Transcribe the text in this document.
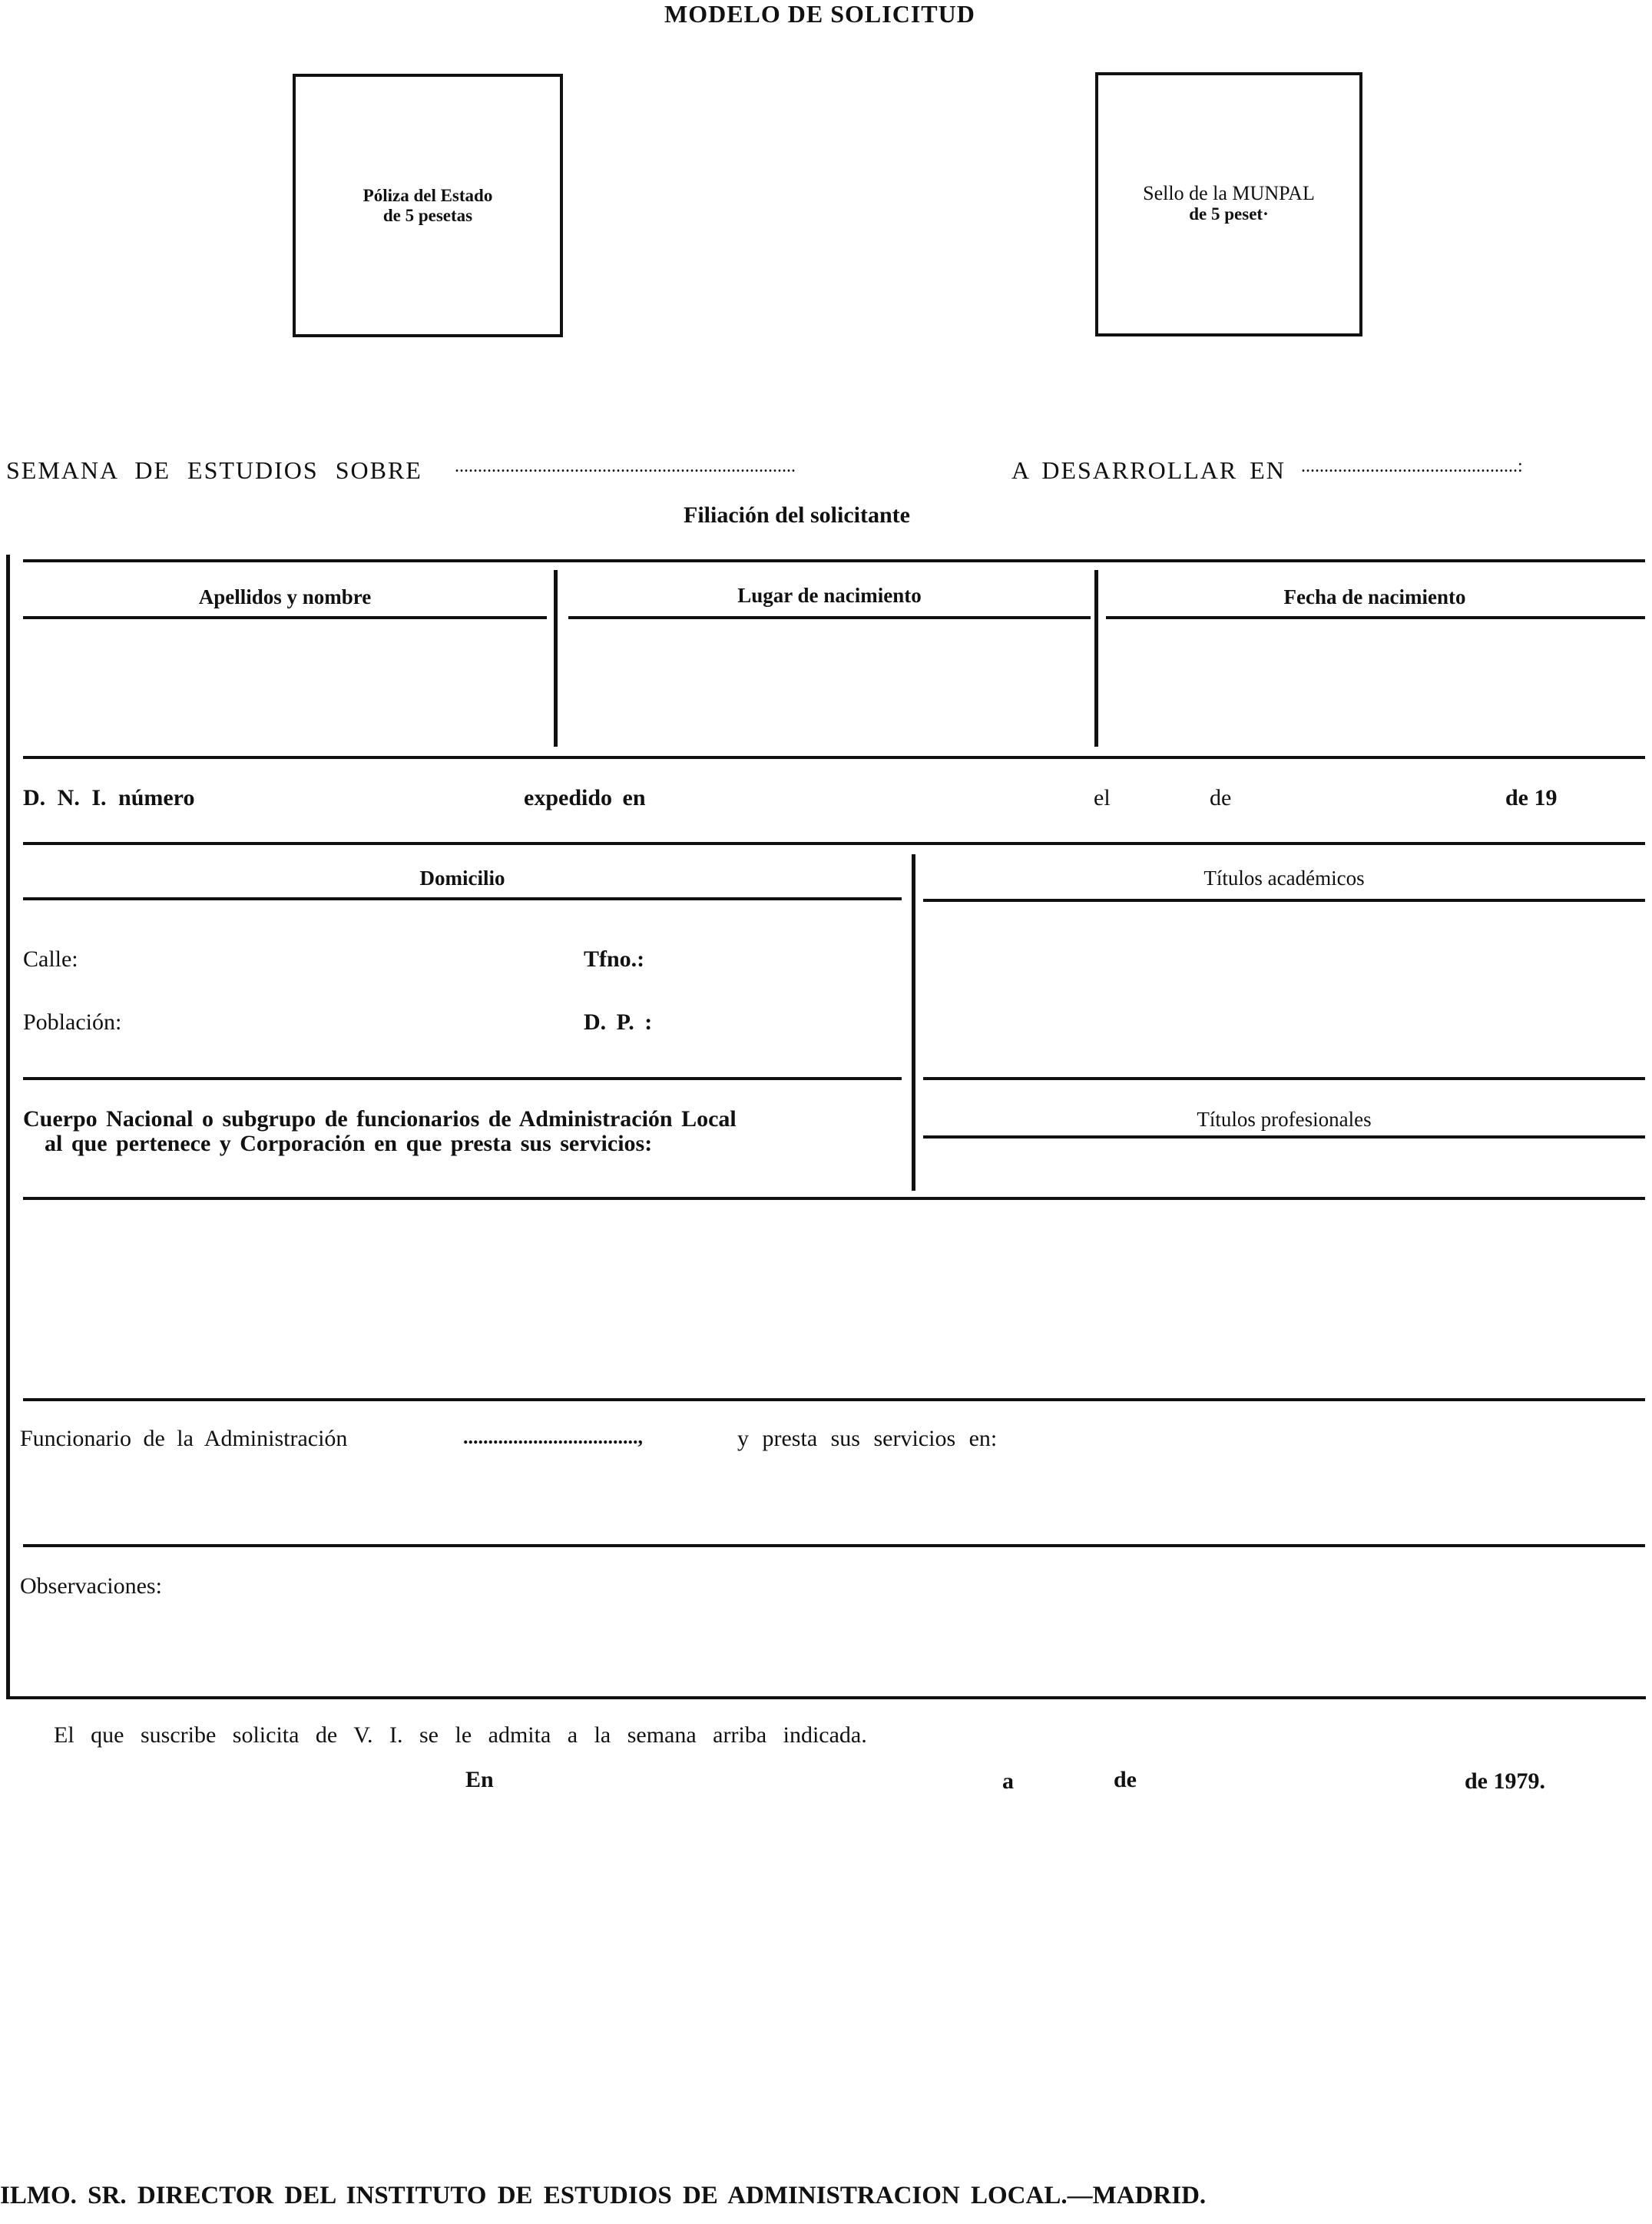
MODELO DE SOLICITUD
Póliza del Estado
de 5 pesetas
Sello de la MUNPAL
de 5 peset·
SEMANA DE ESTUDIOS SOBRE ..........................................................................	A DESARROLLAR EN ...............................................:
Filiación del solicitante
Apellidos y nombre	Lugar de nacimiento	Fecha de nacimiento
D. N. I. número	expedido en	el	de	de 19
Domicilio	Títulos académicos
Calle:	Tfno.:
Población:	D. P. :
Cuerpo Nacional o subgrupo de funcionarios de Administración Local
al que pertenece y Corporación en que presta sus servicios:
Títulos profesionales
Funcionario de la Administración	...................................,	y presta sus servicios en:
Observaciones:
El que suscribe solicita de V. I. se le admita a la semana arriba indicada.
En	a	de	de 1979.
ILMO. SR. DIRECTOR DEL INSTITUTO DE ESTUDIOS DE ADMINISTRACION LOCAL.—MADRID.
